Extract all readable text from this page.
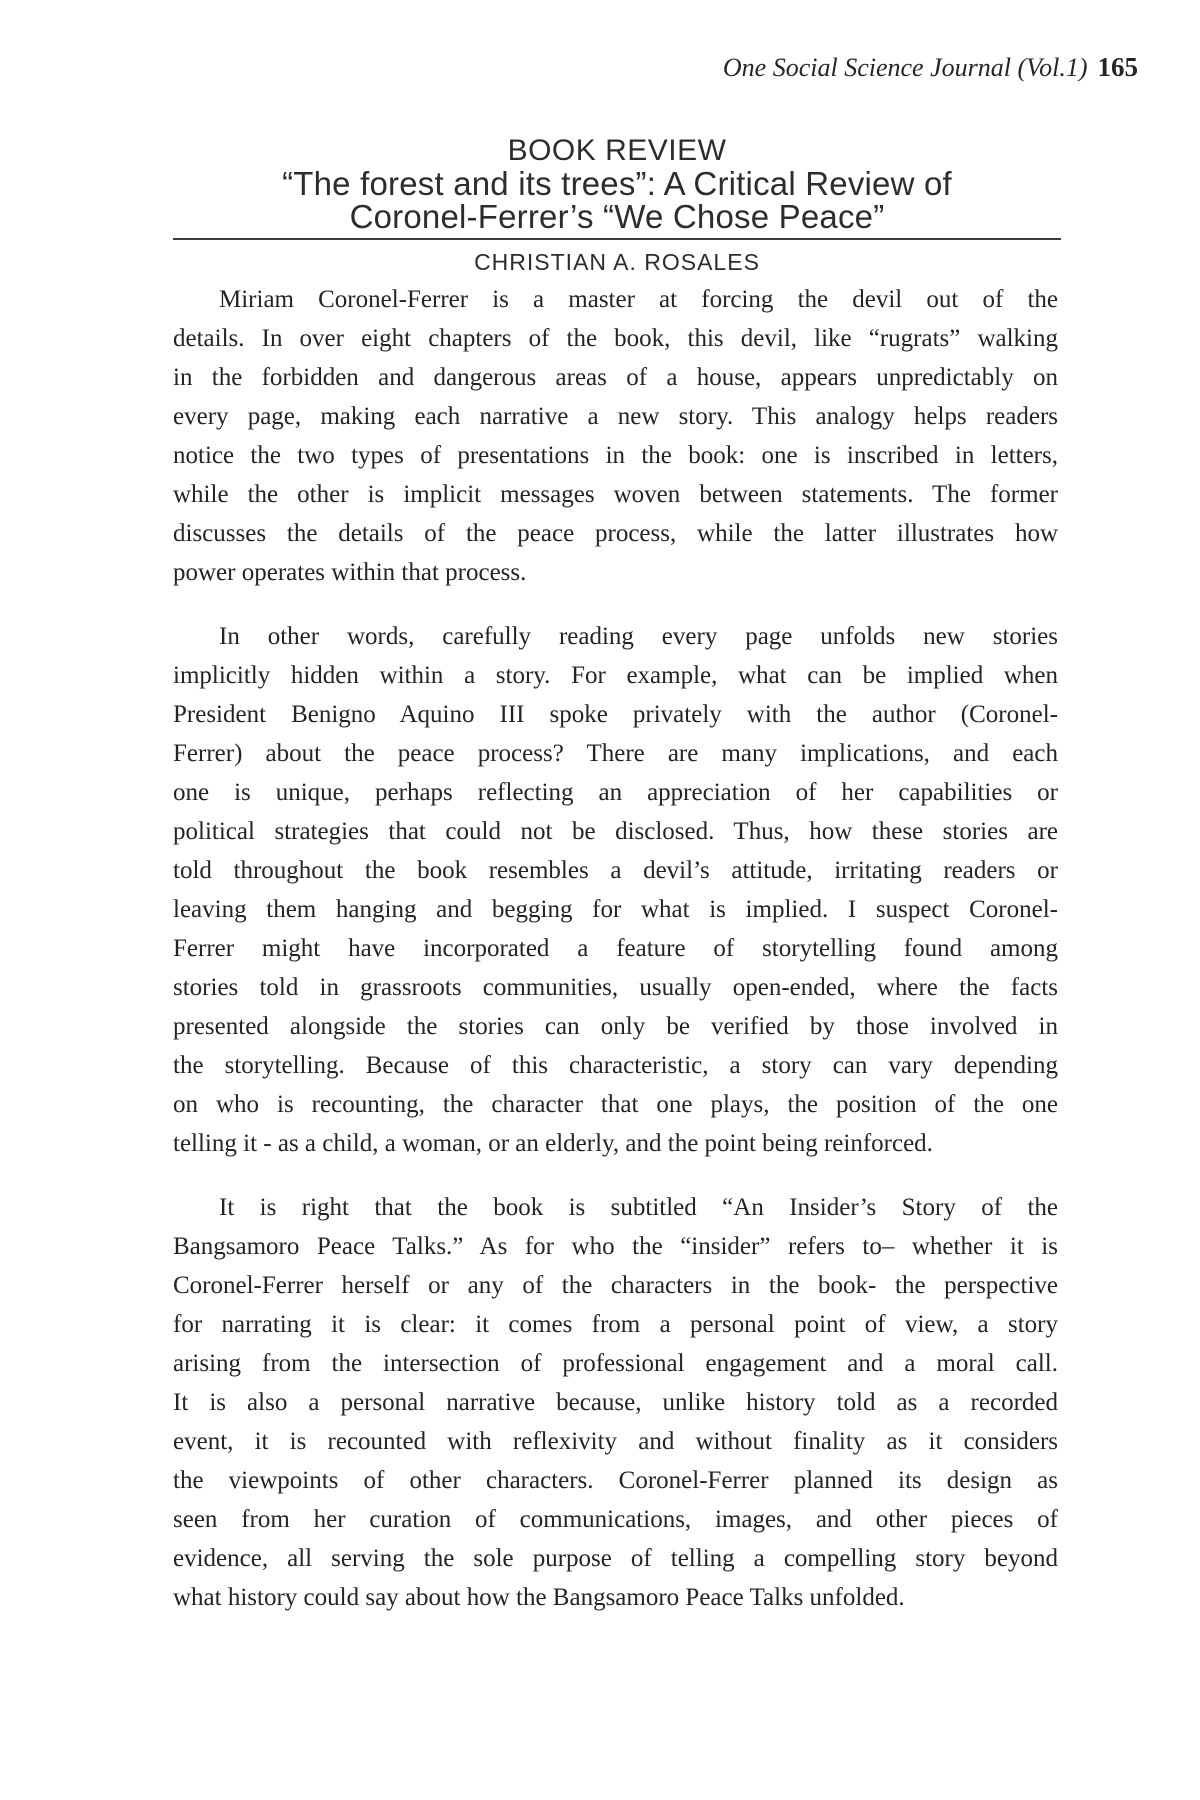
One Social Science Journal (Vol.1) 165
BOOK REVIEW
“The forest and its trees”: A Critical Review of
Coronel-Ferrer’s “We Chose Peace”
CHRISTIAN A. ROSALES
Miriam Coronel-Ferrer is a master at forcing the devil out of the
details. In over eight chapters of the book, this devil, like “rugrats” walking
in the forbidden and dangerous areas of a house, appears unpredictably on
every page, making each narrative a new story. This analogy helps readers
notice the two types of presentations in the book: one is inscribed in letters,
while the other is implicit messages woven between statements. The former
discusses the details of the peace process, while the latter illustrates how
power operates within that process.
In other words, carefully reading every page unfolds new stories
implicitly hidden within a story. For example, what can be implied when
President Benigno Aquino III spoke privately with the author (Coronel-
Ferrer) about the peace process? There are many implications, and each
one is unique, perhaps reflecting an appreciation of her capabilities or
political strategies that could not be disclosed. Thus, how these stories are
told throughout the book resembles a devil’s attitude, irritating readers or
leaving them hanging and begging for what is implied. I suspect Coronel-
Ferrer might have incorporated a feature of storytelling found among
stories told in grassroots communities, usually open-ended, where the facts
presented alongside the stories can only be verified by those involved in
the storytelling. Because of this characteristic, a story can vary depending
on who is recounting, the character that one plays, the position of the one
telling it - as a child, a woman, or an elderly, and the point being reinforced.
It is right that the book is subtitled “An Insider’s Story of the
Bangsamoro Peace Talks.” As for who the “insider” refers to– whether it is
Coronel-Ferrer herself or any of the characters in the book- the perspective
for narrating it is clear: it comes from a personal point of view, a story
arising from the intersection of professional engagement and a moral call.
It is also a personal narrative because, unlike history told as a recorded
event, it is recounted with reflexivity and without finality as it considers
the viewpoints of other characters. Coronel-Ferrer planned its design as
seen from her curation of communications, images, and other pieces of
evidence, all serving the sole purpose of telling a compelling story beyond
what history could say about how the Bangsamoro Peace Talks unfolded.
